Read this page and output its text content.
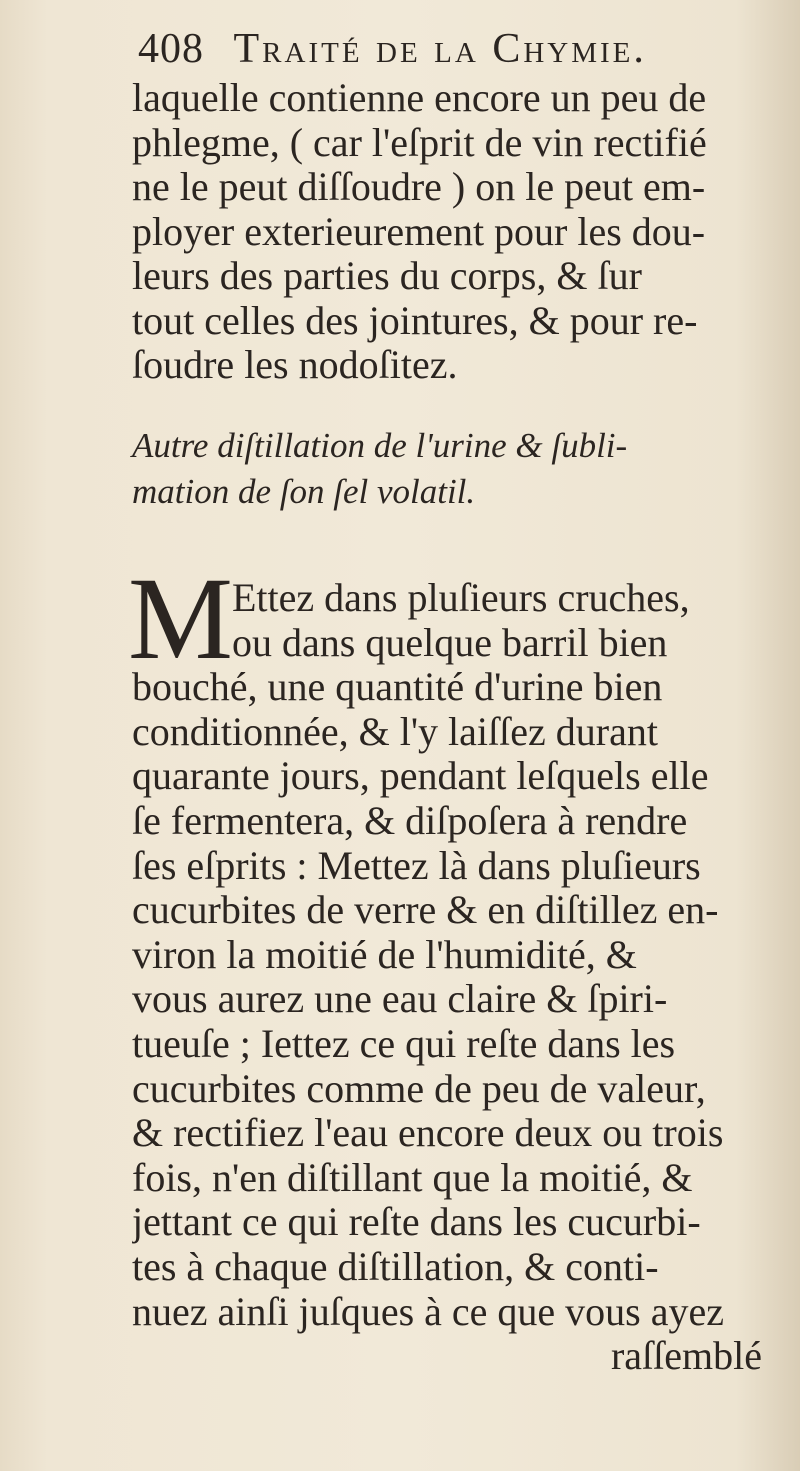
408 Traité de la Chymie.
laquelle contienne encore un peu de
phlegme, ( car l'eſprit de vin rectifié
ne le peut diſſoudre ) on le peut em-
ployer exterieurement pour les dou-
leurs des parties du corps, & ſur
tout celles des jointures, & pour re-
ſoudre les nodoſitez.
Autre diſtillation de l'urine & ſubli-
mation de ſon ſel volatil.
M Ettez dans pluſieurs cruches,
ou dans quelque barril bien
bouché, une quantité d'urine bien
conditionnée, & l'y laiſſez durant
quarante jours, pendant leſquels elle
ſe fermentera, & diſpoſera à rendre
ſes eſprits : Mettez là dans pluſieurs
cucurbites de verre & en diſtillez en-
viron la moitié de l'humidité, &
vous aurez une eau claire & ſpiri-
tueuſe ; Iettez ce qui reſte dans les
cucurbites comme de peu de valeur,
& rectifiez l'eau encore deux ou trois
fois, n'en diſtillant que la moitié, &
jettant ce qui reſte dans les cucurbi-
tes à chaque diſtillation, & conti-
nuez ainſi juſques à ce que vous ayez
raſſemblé
